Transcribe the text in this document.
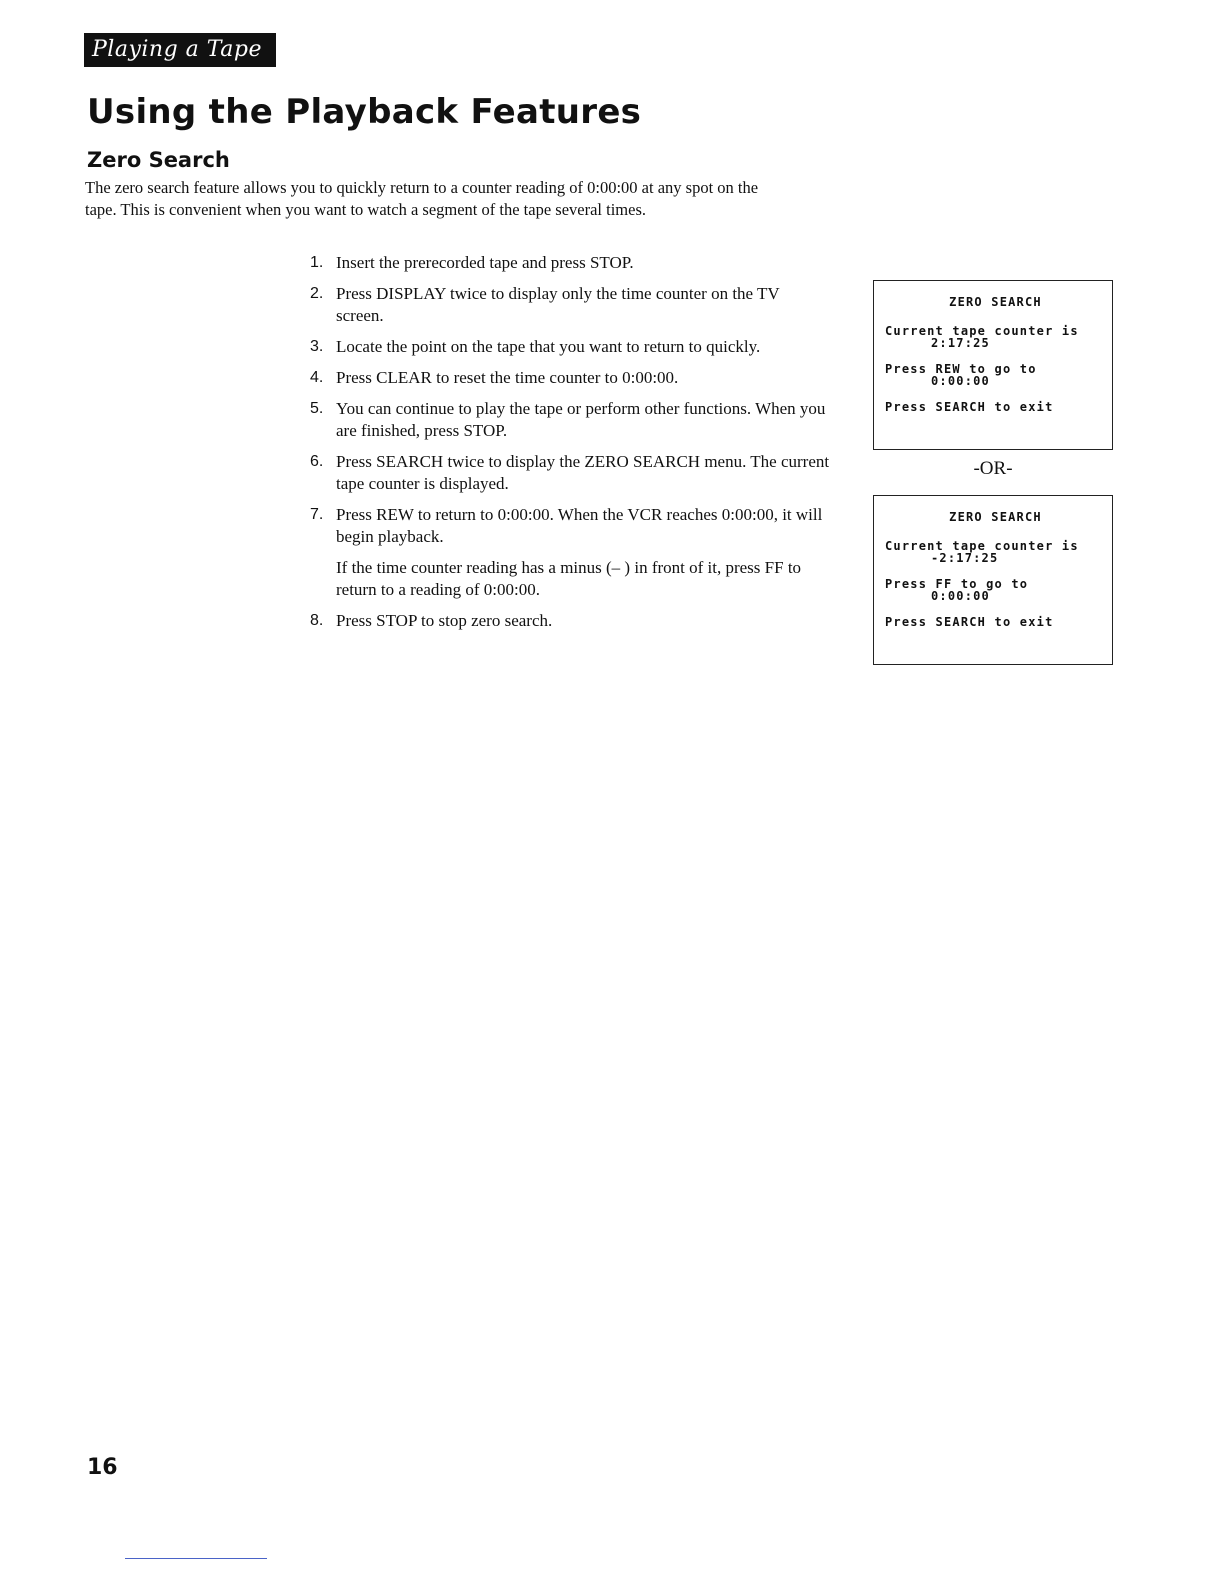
Playing a Tape
Using the Playback Features
Zero Search

The zero search feature allows you to quickly return to a counter reading of 0:00:00 at any spot on the tape. This is convenient when you want to watch a segment of the tape several times.

1. Insert the prerecorded tape and press STOP.
2. Press DISPLAY twice to display only the time counter on the TV screen.
3. Locate the point on the tape that you want to return to quickly.
4. Press CLEAR to reset the time counter to 0:00:00.
5. You can continue to play the tape or perform other functions. When you are finished, press STOP.
6. Press SEARCH twice to display the ZERO SEARCH menu. The current tape counter is displayed.
7. Press REW to return to 0:00:00. When the VCR reaches 0:00:00, it will begin playback.
If the time counter reading has a minus (– ) in front of it, press FF to return to a reading of 0:00:00.
8. Press STOP to stop zero search.
ZERO SEARCH
Current tape counter is
2:17:25
Press REW to go to
0:00:00
Press SEARCH to exit
-OR-
ZERO SEARCH
Current tape counter is
-2:17:25
Press FF to go to
0:00:00
Press SEARCH to exit
16
